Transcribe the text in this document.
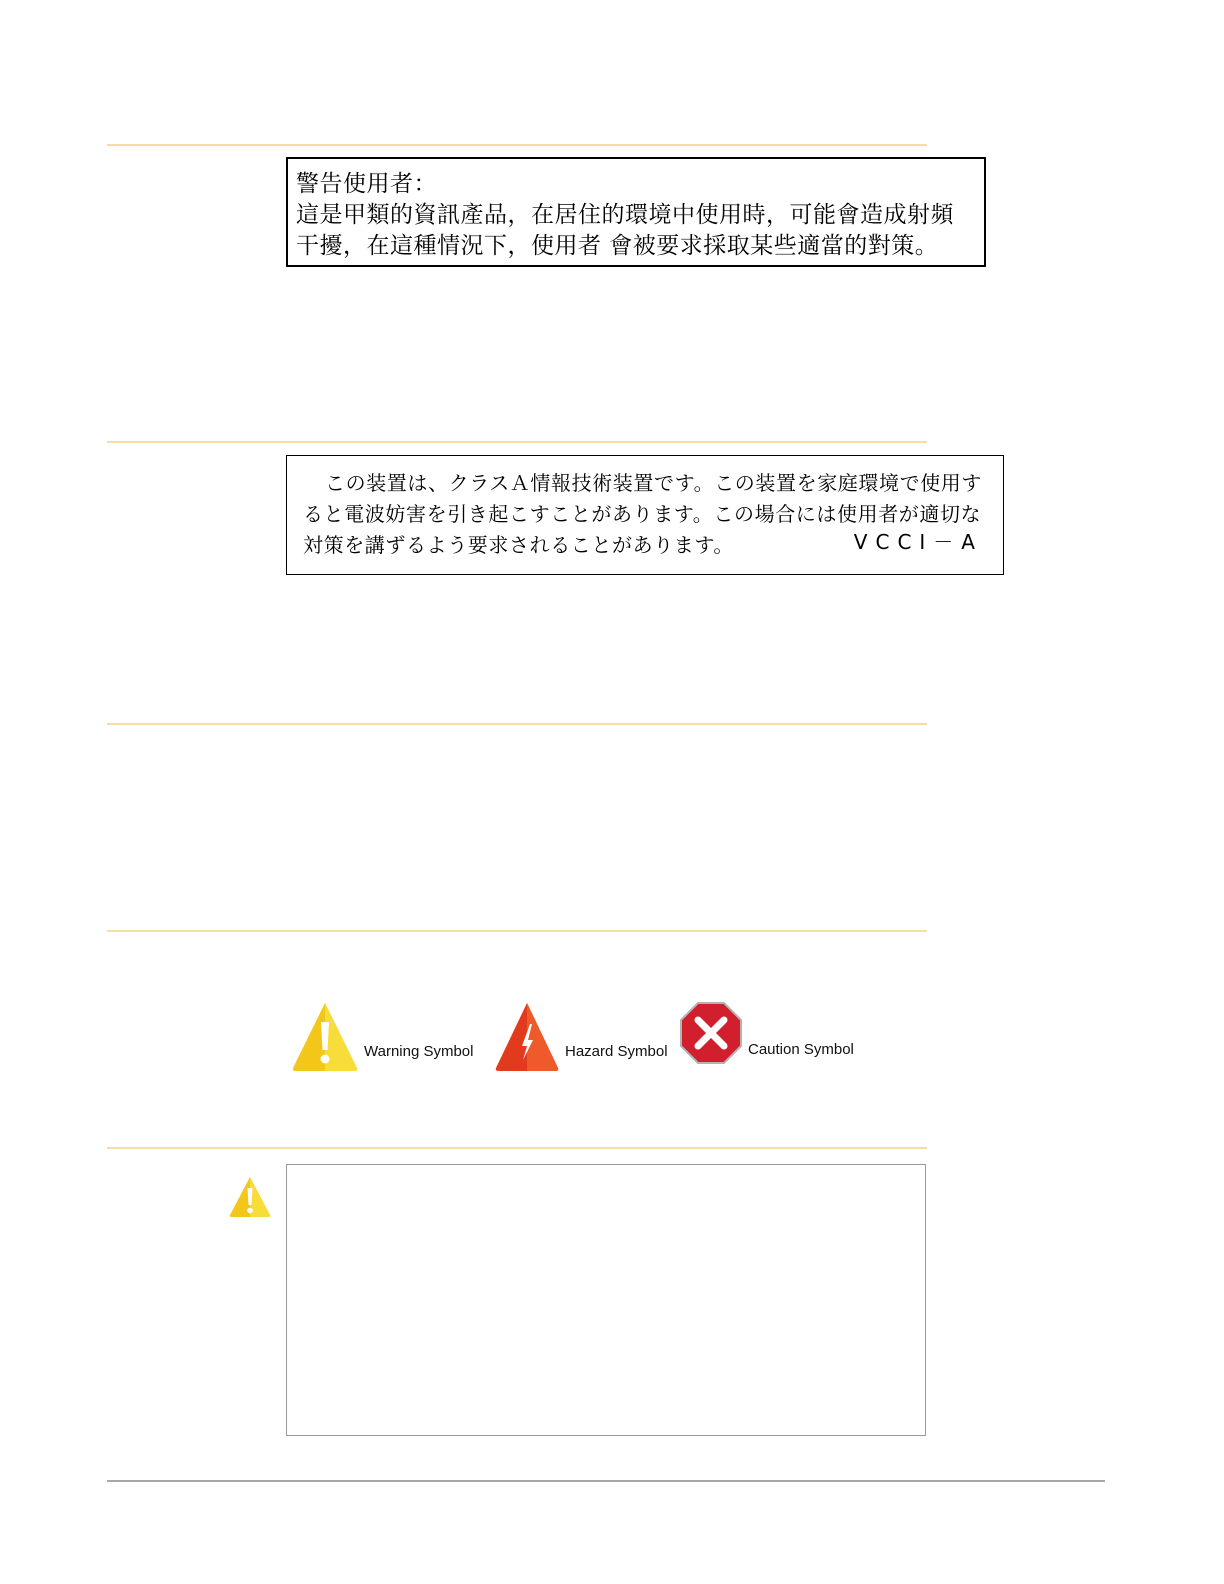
警告使用者：
這是甲類的資訊產品，在居住的環境中使用時，可能會造成射頻
干擾，在這種情況下，使用者 會被要求採取某些適當的對策。
この装置は、クラスＡ情報技術装置です。この装置を家庭環境で使用す
ると電波妨害を引き起こすことがあります。この場合には使用者が適切な
対策を講ずるよう要求されることがあります。	VCCI－A
Warning Symbol	Hazard Symbol	Caution Symbol
